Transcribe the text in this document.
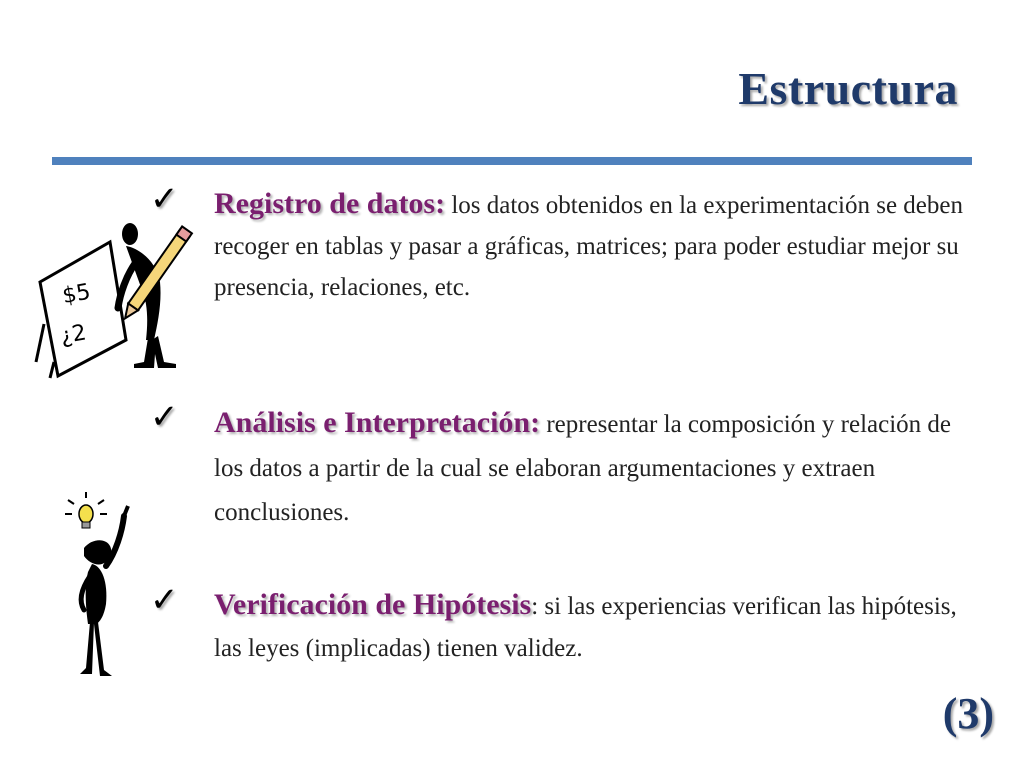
Estructura
$5
¿2
✓ Registro de datos: los datos obtenidos en la experimentación se deben recoger en tablas y pasar a gráficas, matrices; para poder estudiar mejor su presencia, relaciones, etc.
✓ Análisis e Interpretación: representar la composición y relación de los datos a partir de la cual se elaboran argumentaciones y extraen conclusiones.
✓ Verificación de Hipótesis: si las experiencias verifican las hipótesis, las leyes (implicadas) tienen validez.
(3)
